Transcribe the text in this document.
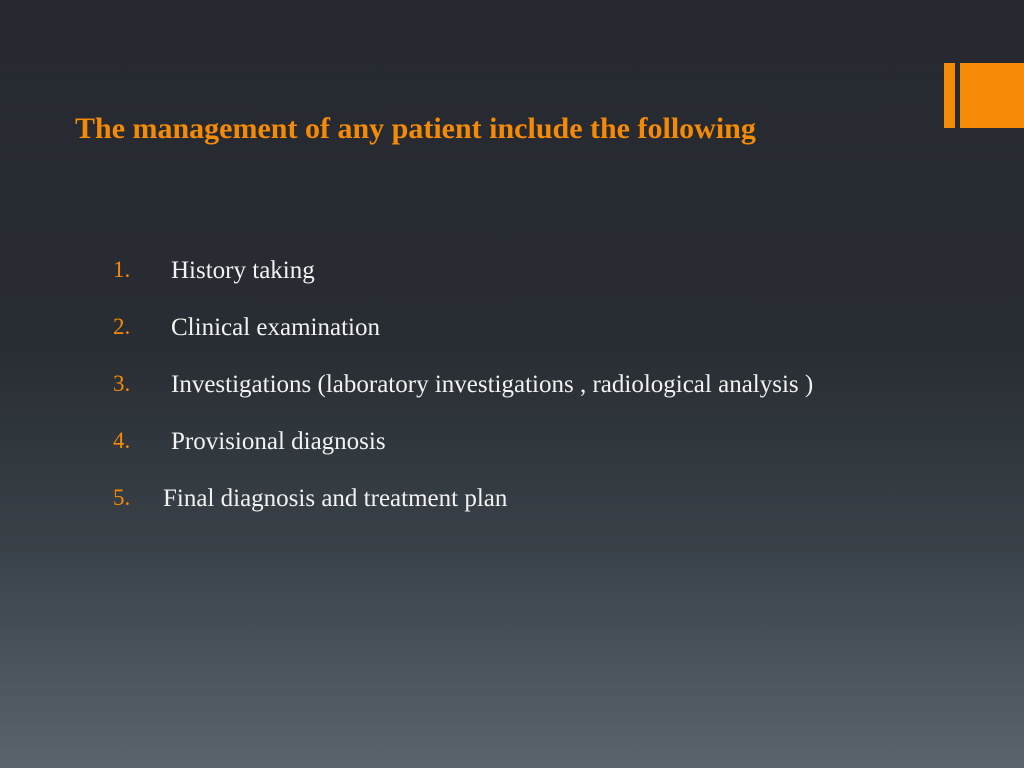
The management of any patient include the following
1. History taking
2. Clinical examination
3. Investigations (laboratory investigations , radiological analysis )
4. Provisional diagnosis
5. Final diagnosis and treatment plan
